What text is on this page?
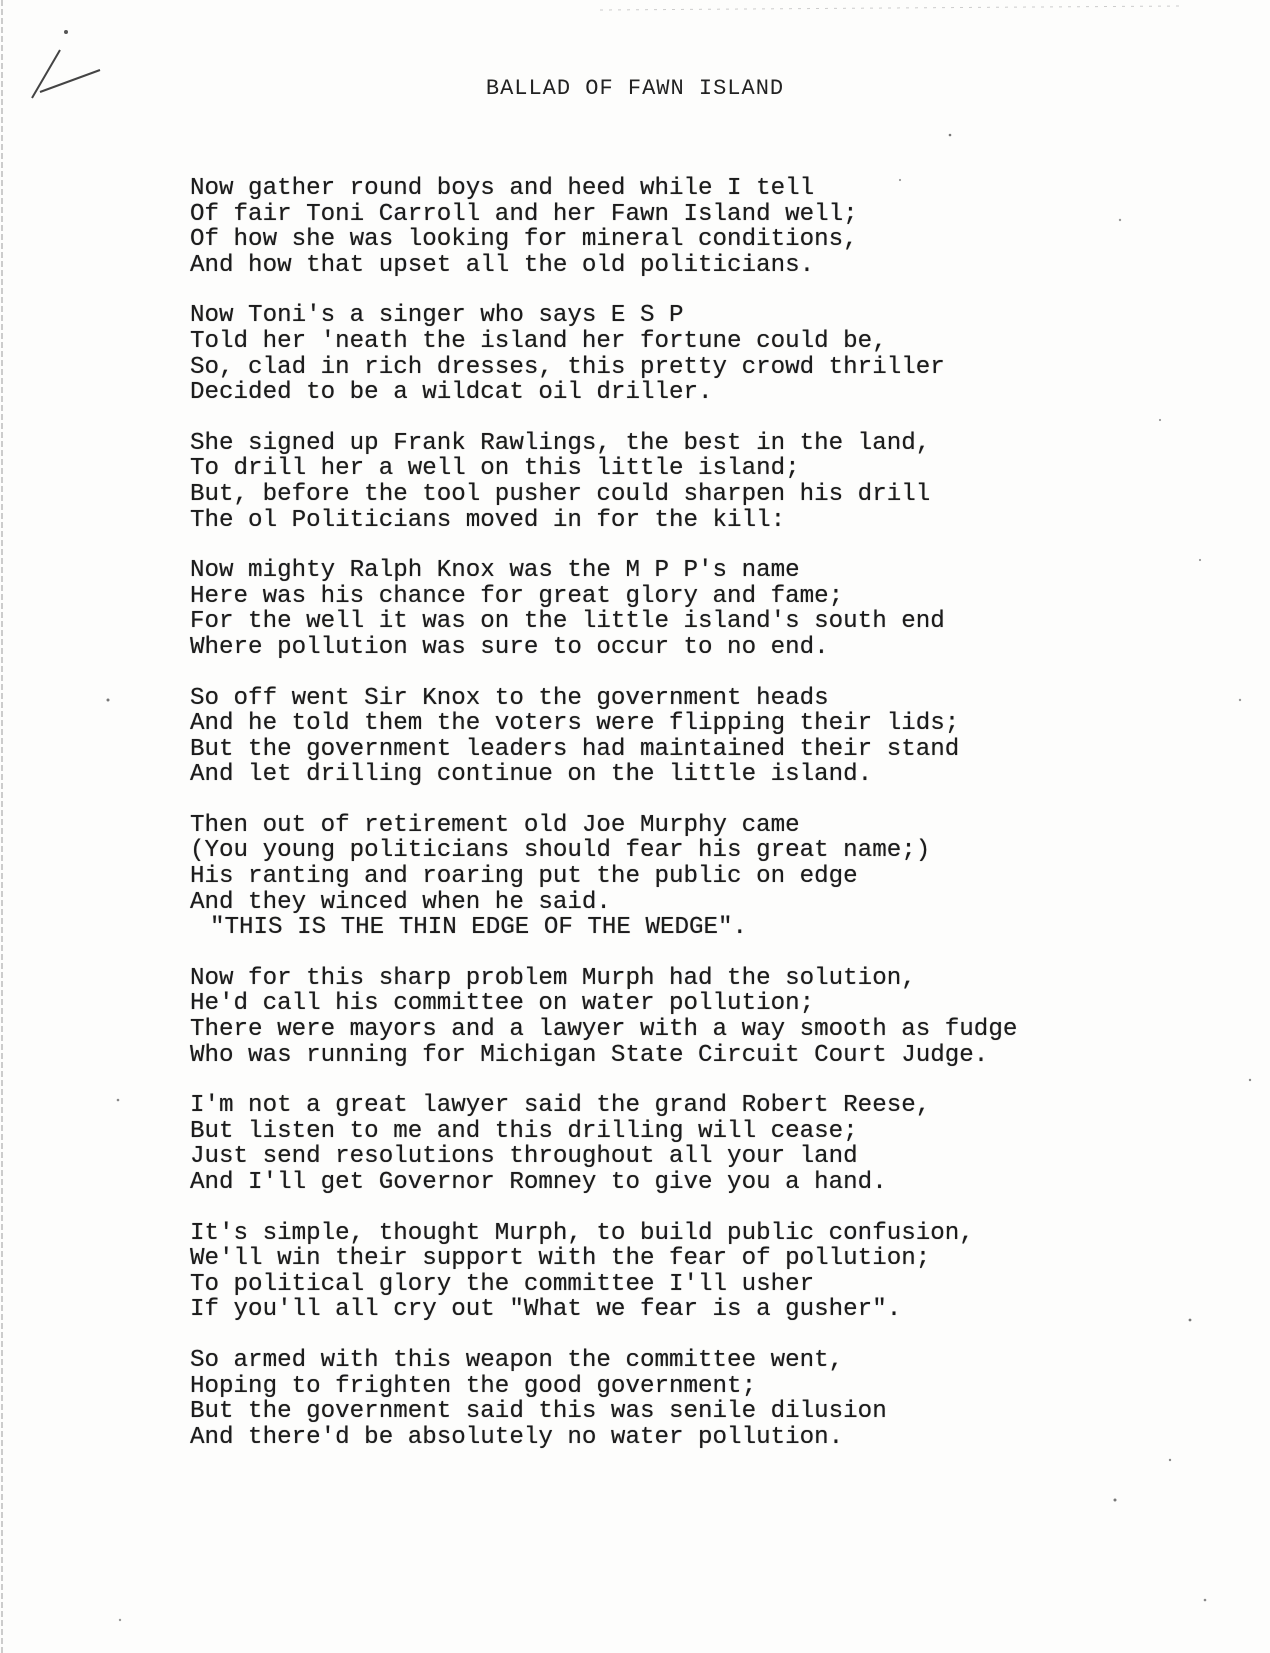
BALLAD OF FAWN ISLAND
Now gather round boys and heed while I tell
Of fair Toni Carroll and her Fawn Island well;
Of how she was looking for mineral conditions,
And how that upset all the old politicians.
Now Toni's a singer who says E S P
Told her 'neath the island her fortune could be,
So, clad in rich dresses, this pretty crowd thriller
Decided to be a wildcat oil driller.
She signed up Frank Rawlings, the best in the land,
To drill her a well on this little island;
But, before the tool pusher could sharpen his drill
The ol Politicians moved in for the kill:
Now mighty Ralph Knox was the M P P's name
Here was his chance for great glory and fame;
For the well it was on the little island's south end
Where pollution was sure to occur to no end.
So off went Sir Knox to the government heads
And he told them the voters were flipping their lids;
But the government leaders had maintained their stand
And let drilling continue on the little island.
Then out of retirement old Joe Murphy came
(You young politicians should fear his great name;)
His ranting and roaring put the public on edge
And they winced when he said.
"THIS IS THE THIN EDGE OF THE WEDGE".
Now for this sharp problem Murph had the solution,
He'd call his committee on water pollution;
There were mayors and a lawyer with a way smooth as fudge
Who was running for Michigan State Circuit Court Judge.
I'm not a great lawyer said the grand Robert Reese,
But listen to me and this drilling will cease;
Just send resolutions throughout all your land
And I'll get Governor Romney to give you a hand.
It's simple, thought Murph, to build public confusion,
We'll win their support with the fear of pollution;
To political glory the committee I'll usher
If you'll all cry out "What we fear is a gusher".
So armed with this weapon the committee went,
Hoping to frighten the good government;
But the government said this was senile dilusion
And there'd be absolutely no water pollution.
